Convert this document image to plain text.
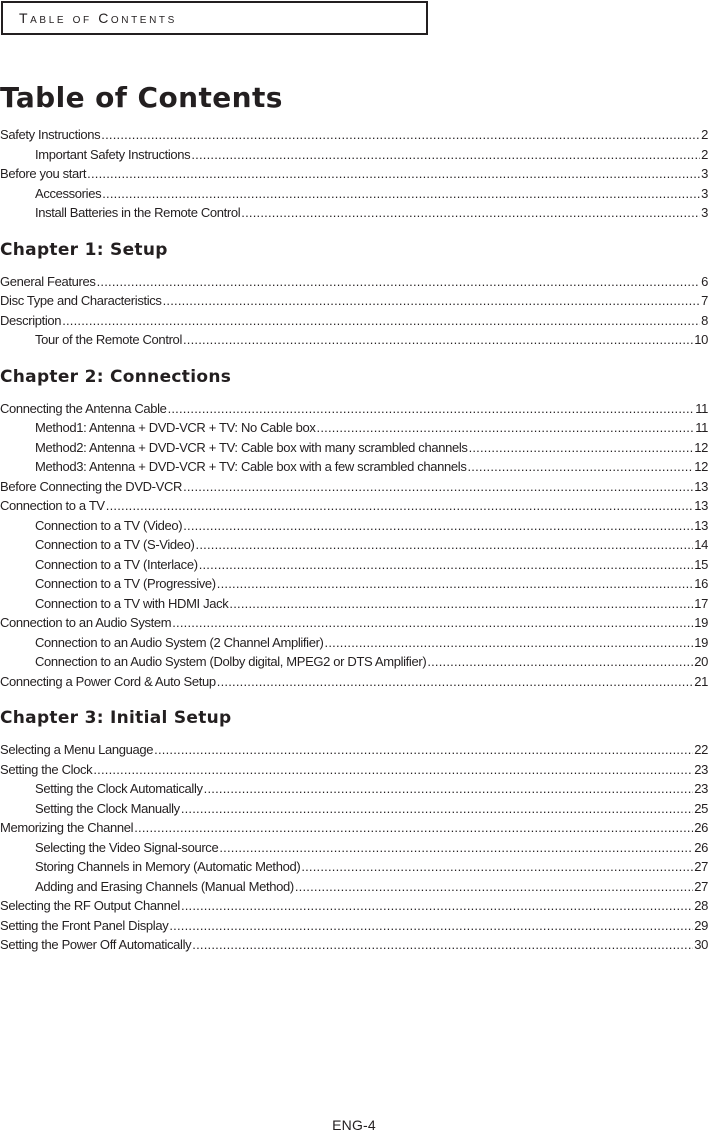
Table of Contents
Table of Contents
Safety Instructions .....	2
Important Safety Instructions .....	2
Before you start .....	3
Accessories .....	3
Install Batteries in the Remote Control .....	3
Chapter 1: Setup
General Features .....	6
Disc Type and Characteristics .....	7
Description .....	8
Tour of the Remote Control .....	10
Chapter 2: Connections
Connecting the Antenna Cable .....	11
Method1: Antenna + DVD-VCR + TV: No Cable box .....	11
Method2: Antenna + DVD-VCR + TV: Cable box with many scrambled channels .....	12
Method3: Antenna + DVD-VCR + TV: Cable box with a few scrambled channels .....	12
Before Connecting the DVD-VCR .....	13
Connection to a TV .....	13
Connection to a TV (Video) .....	13
Connection to a TV (S-Video) .....	14
Connection to a TV (Interlace) .....	15
Connection to a TV (Progressive) .....	16
Connection to a TV with HDMI Jack .....	17
Connection to an Audio System .....	19
Connection to an Audio System (2 Channel Amplifier) .....	19
Connection to an Audio System (Dolby digital, MPEG2 or DTS Amplifier) .....	20
Connecting a Power Cord & Auto Setup .....	21
Chapter 3: Initial Setup
Selecting a Menu Language .....	22
Setting the Clock .....	23
Setting the Clock Automatically .....	23
Setting the Clock Manually .....	25
Memorizing the Channel .....	26
Selecting the Video Signal-source .....	26
Storing Channels in Memory (Automatic Method) .....	27
Adding and Erasing Channels (Manual Method) .....	27
Selecting the RF Output Channel .....	28
Setting the Front Panel Display .....	29
Setting the Power Off Automatically .....	30
ENG-4
